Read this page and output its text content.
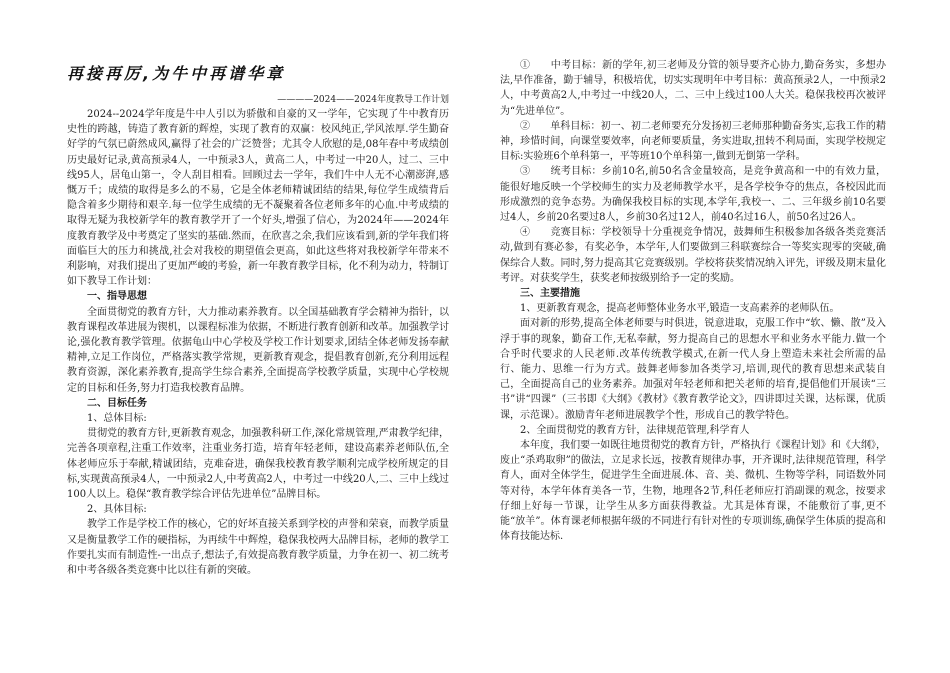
再接再厉,为牛中再谱华章
————2024——2024年度教导工作计划

2024--2024学年度是牛中人引以为骄傲和自豪的又一学年，它实现了牛中教育历史性的跨越，铸造了教育新的辉煌，实现了教育的双赢：校风纯正,学风浓厚.学生勤奋好学的气氛已蔚然成风,赢得了社会的广泛赞誉；尤其令人欣慰的是,08年春中考成绩创历史最好记录,黄高预录4人，一中预录3人，黄高二人，中考过一中20人，过二、三中线95人，居龟山第一，令人刮目相看。回顾过去一学年，我们牛中人无不心潮澎湃,感慨万千；成绩的取得是多么的不易，它是全体老师精诚团结的结果,每位学生成绩背后隐含着多少期待和艰辛.每一位学生成绩的无不凝聚着各位老师多年的心血.中考成绩的取得无疑为我校新学年的教育教学开了一个好头,增强了信心，为2024年——2024年度教育教学及中考奠定了坚实的基础.然而，在欣喜之余,我们应该看到,新的学年我们将面临巨大的压力和挑战,社会对我校的期望值会更高，如此这些将对我校新学年带来不利影响，对我们提出了更加严峻的考验，新一年教育教学目标，化不利为动力，特制订如下教导工作计划：

一、指导思想

全面贯彻党的教育方针，大力推动素养教育。以全国基础教育学会精神为指针，以教育课程改革进展为锲机，以课程标准为依据，不断进行教育创新和改革。加强教学讨论,强化教育教学管理。依据龟山中心学校及学校工作计划要求,团结全体老师发扬奉献精神,立足工作岗位，严格落实教学常规，更新教育观念，提倡教育创新,充分利用远程教育资源，深化素养教育,提高学生综合素养,全面提高学校教学质量，实现中心学校规定的目标和任务,努力打造我校教育品牌。

二、目标任务

1、总体目标:

贯彻党的教育方针,更新教育观念，加强教科研工作,深化常规管理,严肃教学纪律，完善各项章程,注重工作效率，注重业务打造，培育年轻老师，建设高素养老师队伍,全体老师应乐于奉献,精诚团结，克难奋进，确保我校教育教学顺利完成学校所规定的目标,实现黄高预录4人，一中预录2人,中考黄高2人，中考过一中线20人,二、三中上线过100人以上。稳保“教育教学综合评估先进单位”品牌目标。

2、具体目标:

教学工作是学校工作的核心，它的好坏直接关系到学校的声誉和荣衰，而教学质量又是衡量教学工作的硬指标，为再续牛中辉煌，稳保我校两大品牌目标，老师的教学工作要扎实而有制造性-一出点子,想法子,有效提高教育教学质量，力争在初一、初二统考和中考各级各类竞赛中比以往有新的突破。

①　　中考目标：新的学年,初三老师及分管的领导要齐心协力,勤奋务实，多想办法,早作准备，勤于辅导，积极培优，切实实现明年中考目标：黄高预录2人，一中预录2人，中考黄高2人,中考过一中线20人，二、三中上线过100人大关。稳保我校再次被评为“先进单位”。

②　　单科目标：初一、初二老师要充分发扬初三老师那种勤奋务实,忘我工作的精神，珍惜时间，向课堂要效率，向老师要质量，务实进取,扭转不利局面，实现学校规定目标:实验班6个单科第一，平等班10个单科第一,做到无倒第一学科。

③　　统考目标：乡前10名,前50名含金量较高，是竞争黄高和一中的有效力量，能很好地反映一个学校师生的实力及老师教学水平，是各学校争夺的焦点，各校因此而形成激烈的竞争态势。为确保我校目标的实现,本学年,我校一、二、三年级乡前10名要过4人，乡前20名要过8人，乡前30名过12人，前40名过16人，前50名过26人。

④　　竞赛目标：学校领导十分重视竞争情况，鼓舞师生积极参加各级各类竞赛活动,做到有赛必参，有奖必争，本学年,人们要做到三科联赛综合一等奖实现零的突破,确保综合人数。同时,努力提高其它竞赛级别。学校将获奖情况纳入评先，评级及期末量化考评。对获奖学生，获奖老师按级别给予一定的奖励。

三、主要措施

1、更新教育观念，提高老师整体业务水平,锻造一支高素养的老师队伍。

面对新的形势,提高全体老师要与时俱进，锐意进取，克服工作中“软、懒、散”及入浮于事的现象，勤奋工作,无私奉献，努力提高自己的思想水平和业务水平能力.做一个合乎时代要求的人民老师.改革传统教学模式,在新一代人身上塑造未来社会所需的品行、能力、思维一行为方式。鼓舞老师参加各类学习,培训,现代的教育思想来武装自己，全面提高自己的业务素养。加强对年轻老师和把关老师的培育,提倡他们开展读“三书”讲“四课”（三书即《大纲》《教材》《教育教学论文》，四讲即过关课，达标课，优质课，示范课）。激励青年老师进展教学个性，形成自己的教学特色。

2、全面贯彻党的教育方针，法律规范管理,科学育人

本年度，我们要一如既往地贯彻党的教育方针，严格执行《课程计划》和《大纲》，废止“杀鸡取卵”的做法，立足求长远，按教育规律办事，开齐课时,法律规范管理，科学育人，面对全体学生，促进学生全面进展.体、音、美、微机、生物等学科，同语数外同等对待，本学年体育美各一节，生物，地理各2节,科任老师应打消副课的观念，按要求仔细上好每一节课，让学生从多方面获得教益。尤其是体育课，不能敷衍了事,更不能“放羊”。体育课老师根据年级的不同进行有针对性的专项训练,确保学生体质的提高和体育技能达标.
